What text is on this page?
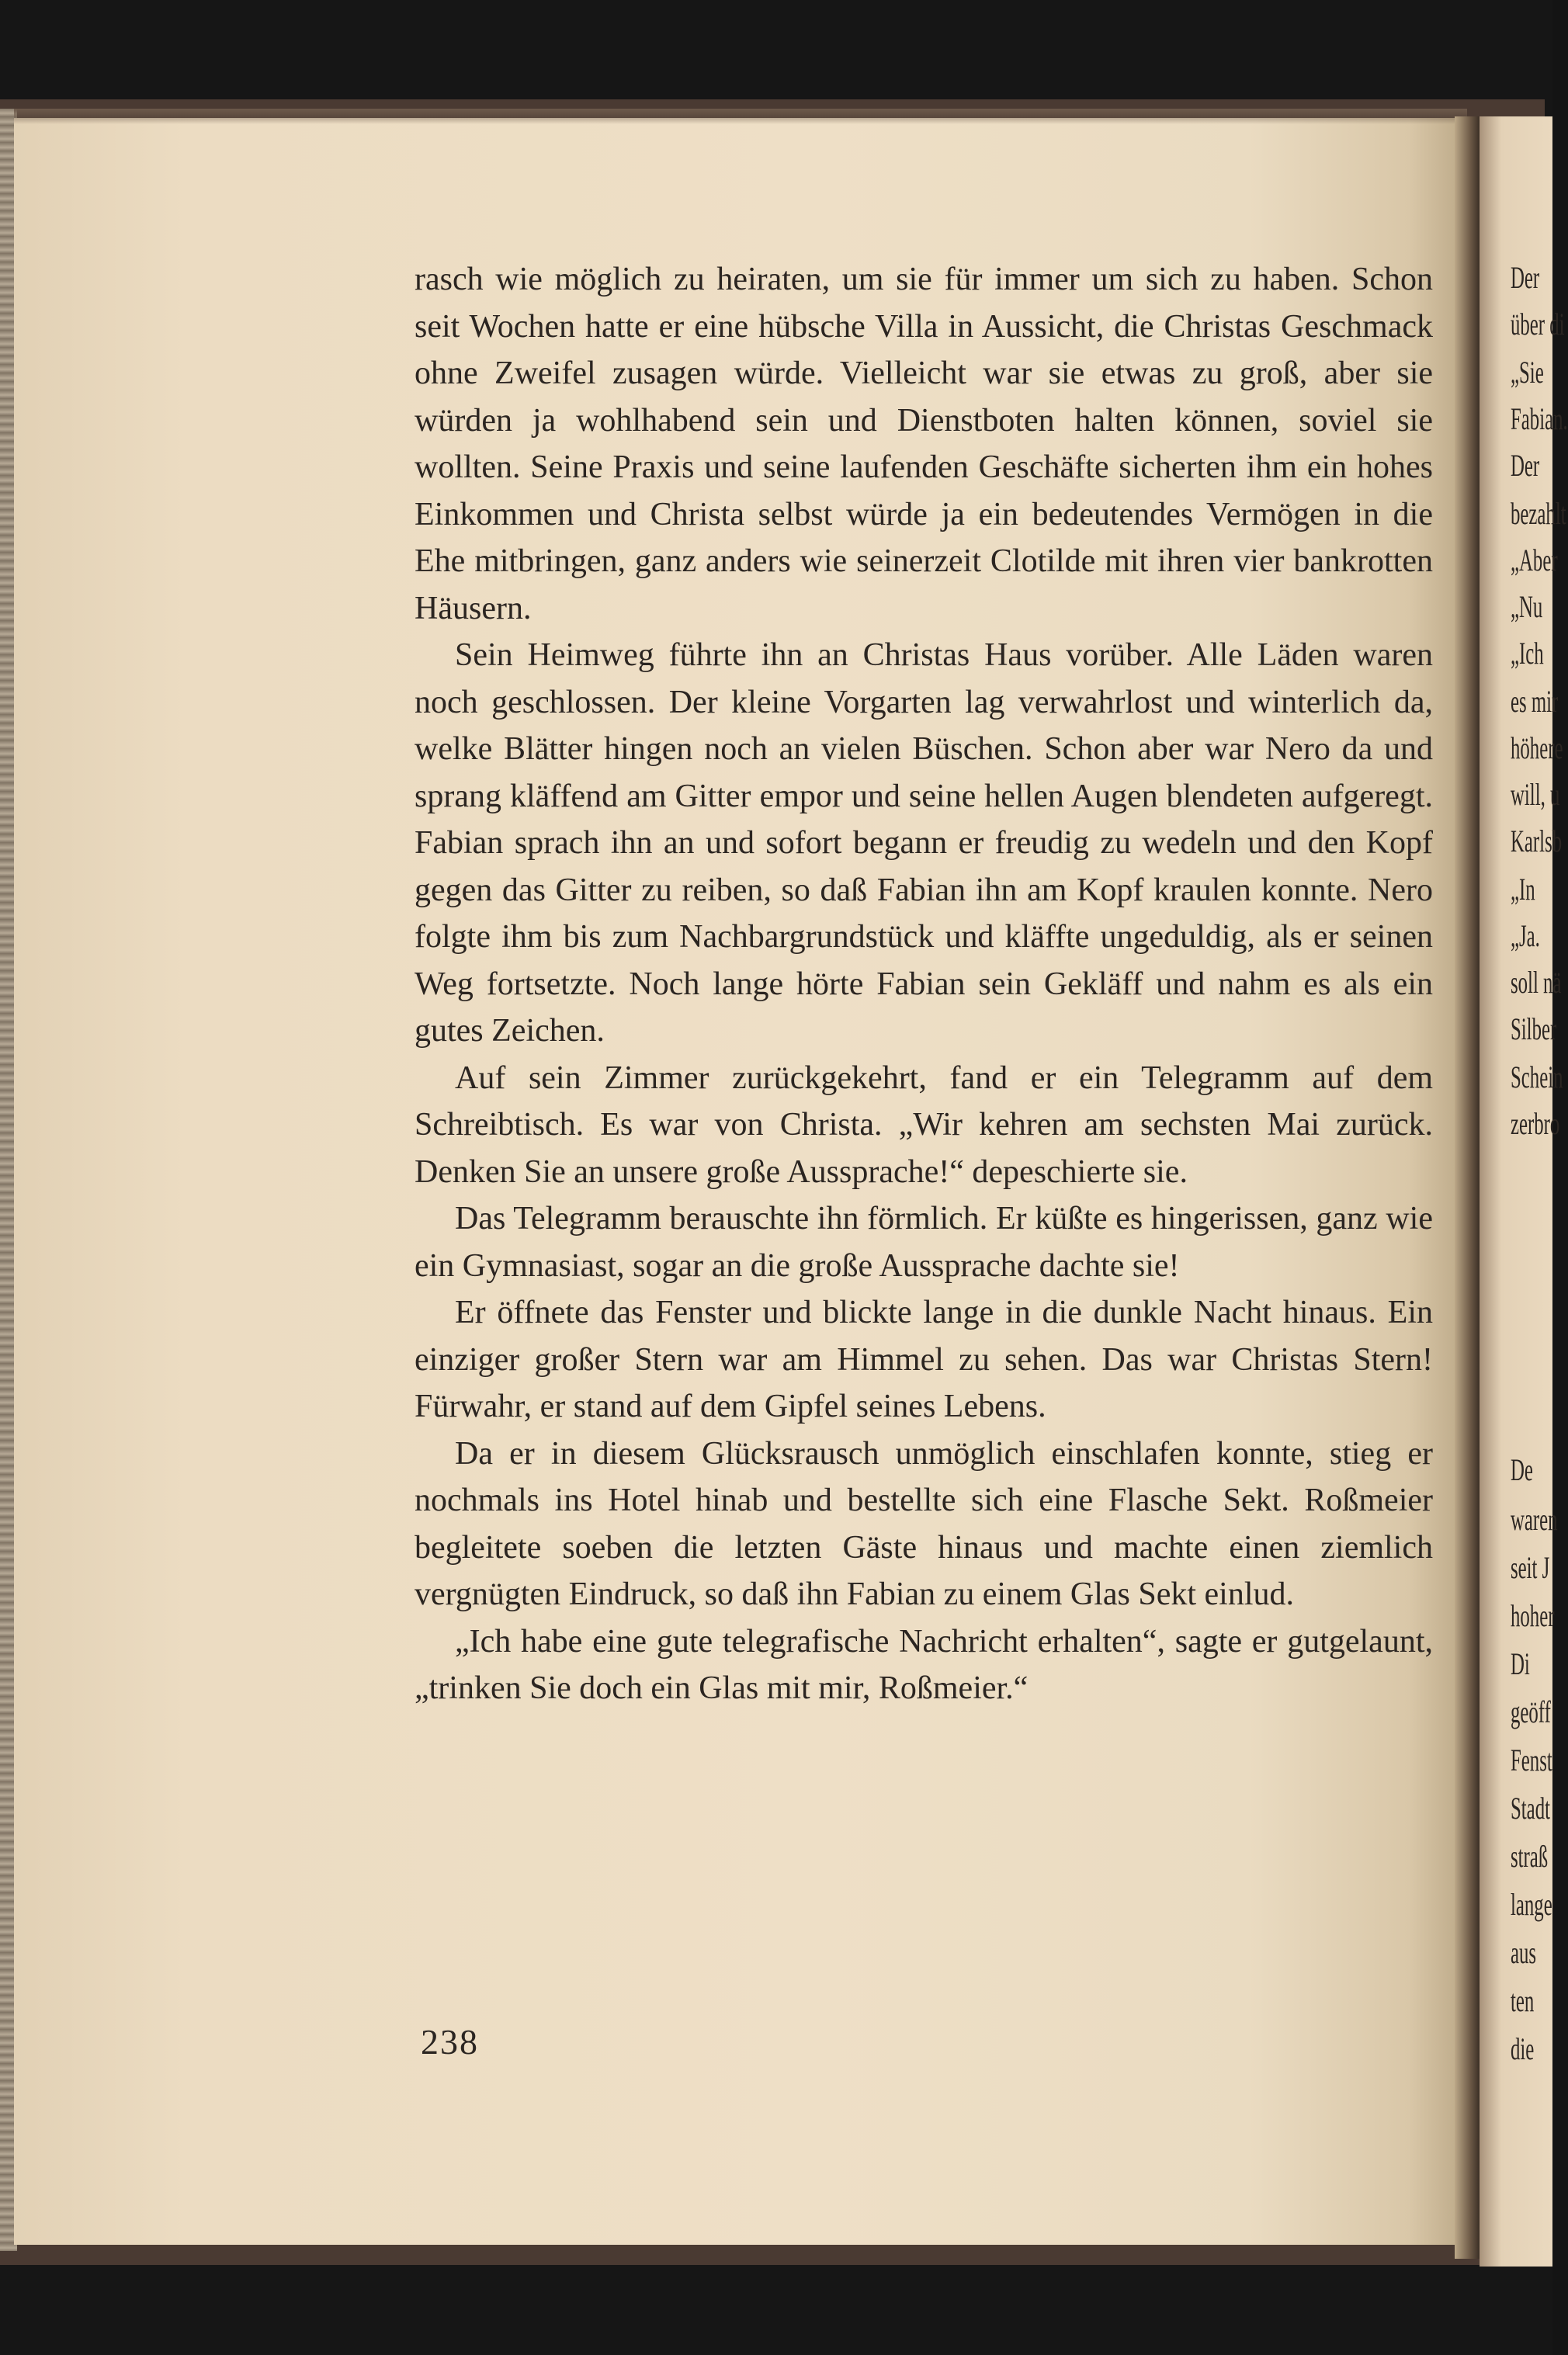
rasch wie möglich zu heiraten, um sie für immer um sich zu haben. Schon seit Wochen hatte er eine hübsche Villa in Aussicht, die Christas Geschmack ohne Zweifel zusagen würde. Vielleicht war sie etwas zu groß, aber sie würden ja wohlhabend sein und Dienstboten halten können, soviel sie wollten. Seine Praxis und seine laufenden Geschäfte sicherten ihm ein hohes Einkommen und Christa selbst würde ja ein bedeutendes Vermögen in die Ehe mitbringen, ganz anders wie seinerzeit Clotilde mit ihren vier bankrotten Häusern.

Sein Heimweg führte ihn an Christas Haus vorüber. Alle Läden waren noch geschlossen. Der kleine Vorgarten lag verwahrlost und winterlich da, welke Blätter hingen noch an vielen Büschen. Schon aber war Nero da und sprang kläffend am Gitter empor und seine hellen Augen blendeten aufgeregt. Fabian sprach ihn an und sofort begann er freudig zu wedeln und den Kopf gegen das Gitter zu reiben, so daß Fabian ihn am Kopf kraulen konnte. Nero folgte ihm bis zum Nachbargrundstück und kläffte ungeduldig, als er seinen Weg fortsetzte. Noch lange hörte Fabian sein Gekläff und nahm es als ein gutes Zeichen.

Auf sein Zimmer zurückgekehrt, fand er ein Telegramm auf dem Schreibtisch. Es war von Christa. „Wir kehren am sechsten Mai zurück. Denken Sie an unsere große Aussprache!“ depeschierte sie.

Das Telegramm berauschte ihn förmlich. Er küßte es hingerissen, ganz wie ein Gymnasiast, sogar an die große Aussprache dachte sie!

Er öffnete das Fenster und blickte lange in die dunkle Nacht hinaus. Ein einziger großer Stern war am Himmel zu sehen. Das war Christas Stern! Fürwahr, er stand auf dem Gipfel seines Lebens.

Da er in diesem Glücksrausch unmöglich einschlafen konnte, stieg er nochmals ins Hotel hinab und bestellte sich eine Flasche Sekt. Roßmeier begleitete soeben die letzten Gäste hinaus und machte einen ziemlich vergnügten Eindruck, so daß ihn Fabian zu einem Glas Sekt einlud.

„Ich habe eine gute telegrafische Nachricht erhalten“, sagte er gutgelaunt, „trinken Sie doch ein Glas mit mir, Roßmeier.“

238
Der
über di
„Sie
Fabian.
Der
bezahlt
„Aber
„Nu
„Ich
es mir
höhere
will, u
Karlsb
„In
„Ja.
soll nä
Silber
Schein
zerbro
De
waren
seit J
hoher
Di
geöff
Fenst
Stadt
straß
lange
aus
ten
die
